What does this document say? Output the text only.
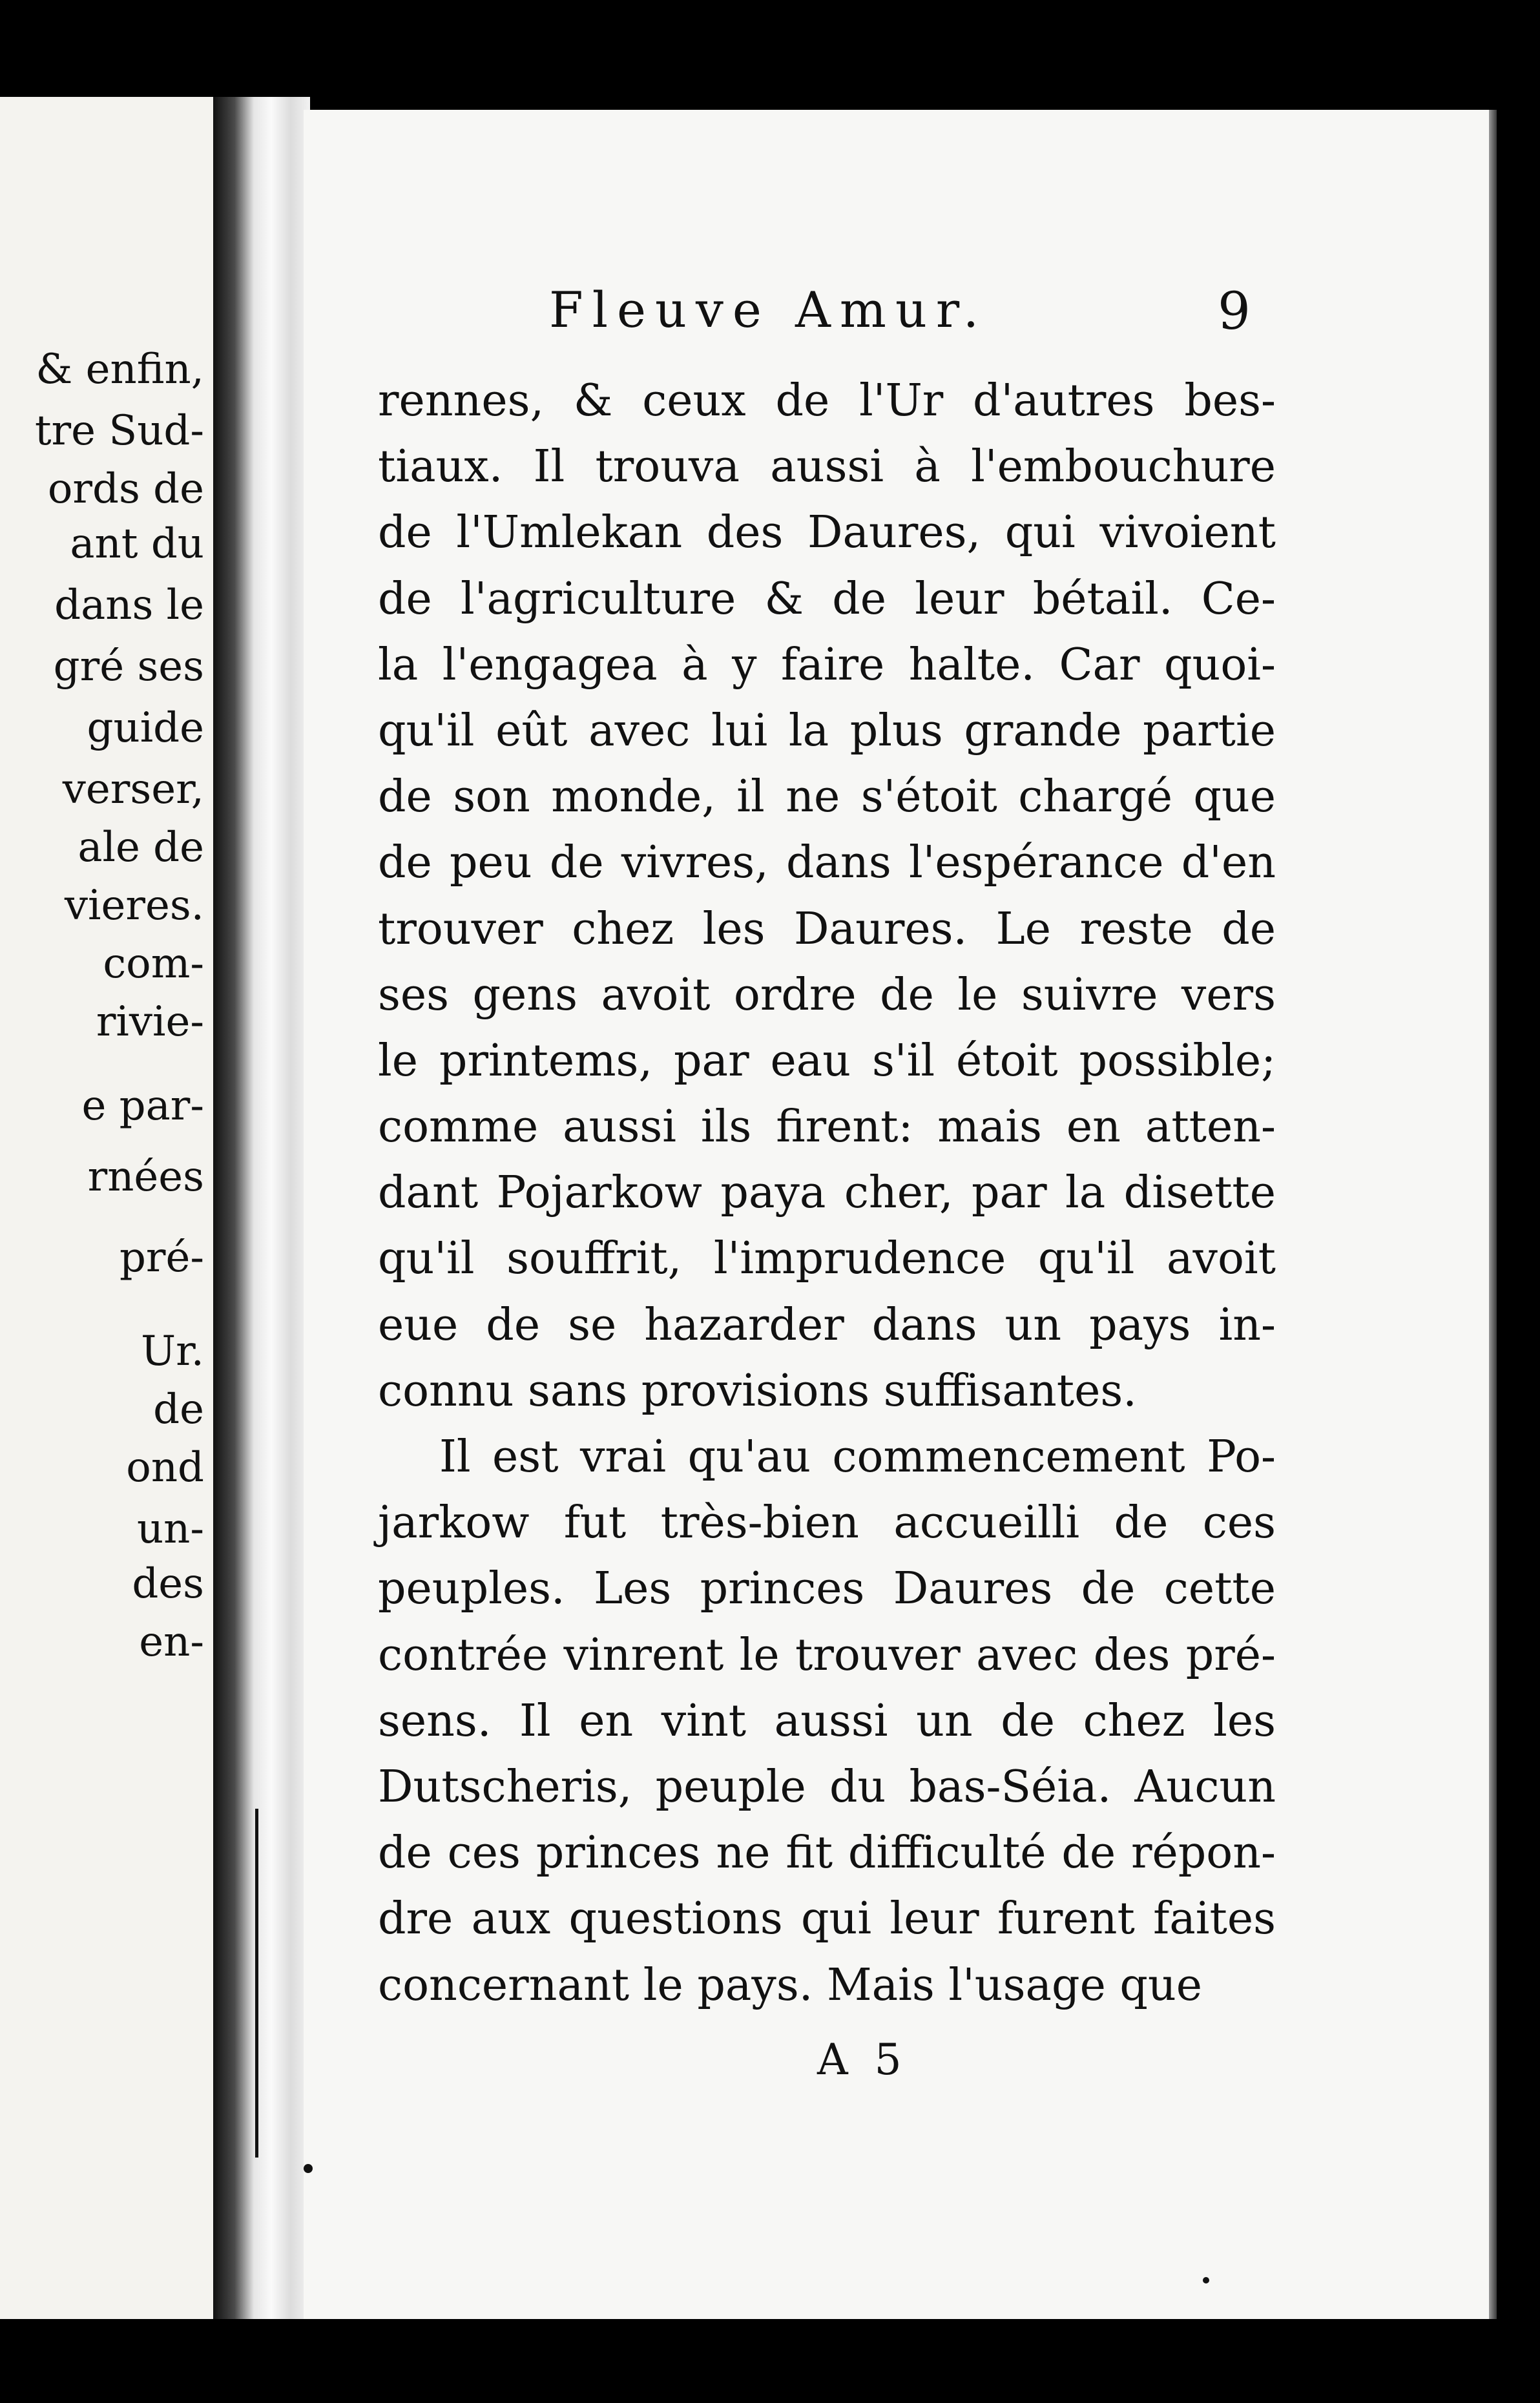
& enfin,
tre Sud-
ords de
ant du
dans le
gré ses
guide
verser,
ale de
vieres.
com-
rivie-
e par-
rnées
pré-
Ur.
de
ond
un-
des
en-
Fleuve Amur.	9
rennes, & ceux de l'Ur d'autres bes-
tiaux. Il trouva aussi à l'embouchure
de l'Umlekan des Daures, qui vivoient
de l'agriculture & de leur bétail. Ce-
la l'engagea à y faire halte. Car quoi-
qu'il eût avec lui la plus grande partie
de son monde, il ne s'étoit chargé que
de peu de vivres, dans l'espérance d'en
trouver chez les Daures. Le reste de
ses gens avoit ordre de le suivre vers
le printems, par eau s'il étoit possible;
comme aussi ils firent: mais en atten-
dant Pojarkow paya cher, par la disette
qu'il souffrit, l'imprudence qu'il avoit
eue de se hazarder dans un pays in-
connu sans provisions suffisantes.
Il est vrai qu'au commencement Po-
jarkow fut très-bien accueilli de ces
peuples. Les princes Daures de cette
contrée vinrent le trouver avec des pré-
sens. Il en vint aussi un de chez les
Dutscheris, peuple du bas-Séia. Aucun
de ces princes ne fit difficulté de répon-
dre aux questions qui leur furent faites
concernant le pays. Mais l'usage que
A 5
